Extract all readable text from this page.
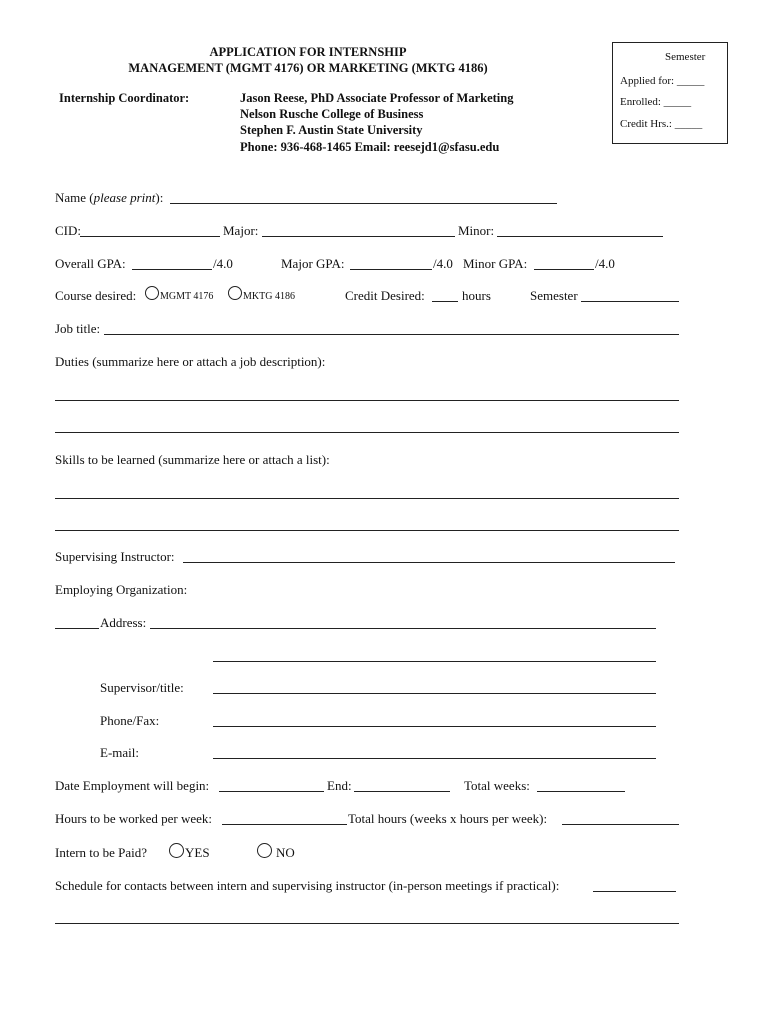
APPLICATION FOR INTERNSHIP
MANAGEMENT (MGMT 4176) OR MARKETING (MKTG 4186)
Internship Coordinator:	Jason Reese, PhD Associate Professor of Marketing
Nelson Rusche College of Business
Stephen F. Austin State University
Phone: 936-468-1465 Email: reesejd1@sfasu.edu
Semester
Applied for: _____
Enrolled: _____
Credit Hrs.: _____
Name (please print):
CID:	Major:	Minor:
Overall GPA:	/4.0	Major GPA:	/4.0 Minor GPA:	/4.0
Course desired:	MGMT 4176	MKTG 4186	Credit Desired:	hours	Semester
Job title:
Duties (summarize here or attach a job description):
Skills to be learned (summarize here or attach a list):
Supervising Instructor:
Employing Organization:
Address:
Supervisor/title:
Phone/Fax:
E-mail:
Date Employment will begin:	End:	Total weeks:
Hours to be worked per week:	Total hours (weeks x hours per week):
Intern to be Paid?	YES	NO
Schedule for contacts between intern and supervising instructor (in-person meetings if practical):
